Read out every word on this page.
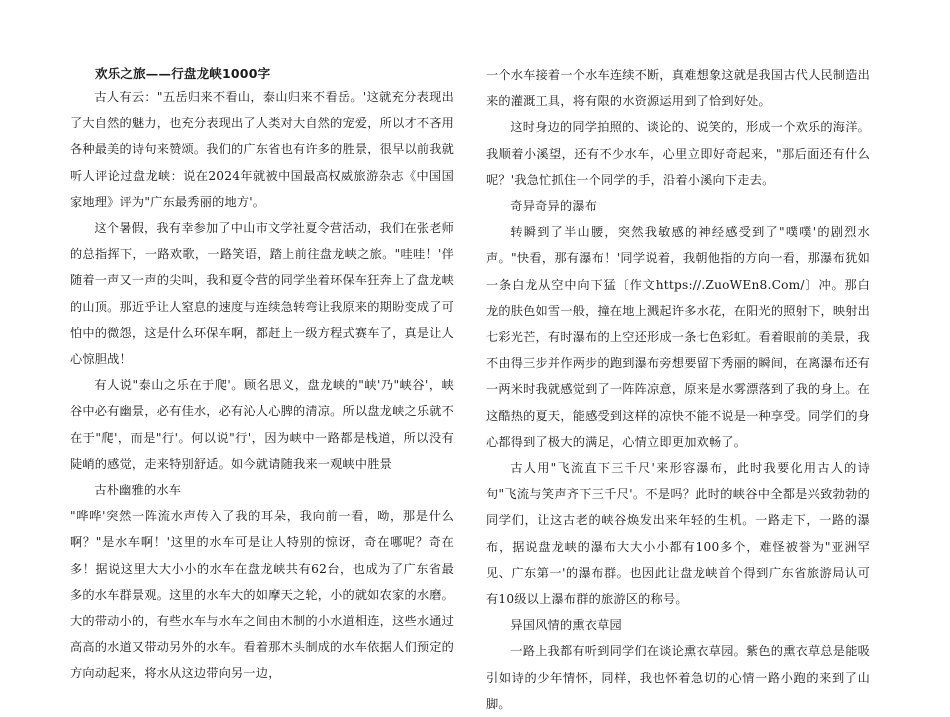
欢乐之旅——行盘龙峡1000字

古人有云："五岳归来不看山，泰山归来不看岳。'这就充分表现出了大自然的魅力，也充分表现出了人类对大自然的宠爱，所以才不吝用各种最美的诗句来赞颂。我们的广东省也有许多的胜景，很早以前我就听人评论过盘龙峡：说在2024年就被中国最高权威旅游杂志《中国国家地理》评为"广东最秀丽的地方'。

这个暑假，我有幸参加了中山市文学社夏令营活动，我们在张老师的总指挥下，一路欢歌，一路笑语，踏上前往盘龙峡之旅。"哇哇！'伴随着一声又一声的尖叫，我和夏令营的同学坐着环保车狂奔上了盘龙峡的山顶。那近乎让人窒息的速度与连续急转弯让我原来的期盼变成了可怕中的微怨，这是什么环保车啊，都赶上一级方程式赛车了，真是让人心惊胆战！

有人说"泰山之乐在于爬'。顾名思义，盘龙峡的"峡'乃"峡谷'，峡谷中必有幽景，必有佳水，必有沁人心脾的清凉。所以盘龙峡之乐就不在于"爬'，而是"行'。何以说"行'，因为峡中一路都是栈道，所以没有陡峭的感觉，走来特别舒适。如今就请随我来一观峡中胜景

古朴幽雅的水车

"哗哗'突然一阵流水声传入了我的耳朵，我向前一看，呦，那是什么啊？"是水车啊！'这里的水车可是让人特别的惊讶，奇在哪呢？奇在多！据说这里大大小小的水车在盘龙峡共有62台，也成为了广东省最多的水车群景观。这里的水车大的如摩天之轮，小的就如农家的水磨。大的带动小的，有些水车与水车之间由木制的小水道相连，这些水通过高高的水道又带动另外的水车。看着那木头制成的水车依据人们预定的方向动起来，将水从这边带向另一边，

一个水车接着一个水车连续不断，真难想象这就是我国古代人民制造出来的灌溉工具，将有限的水资源运用到了恰到好处。

这时身边的同学拍照的、谈论的、说笑的，形成一个欢乐的海洋。我顺着小溪望，还有不少水车，心里立即好奇起来，"那后面还有什么呢？'我急忙抓住一个同学的手，沿着小溪向下走去。

奇异奇异的瀑布

转瞬到了半山腰，突然我敏感的神经感受到了"噗噗'的剧烈水声。"快看，那有瀑布！'同学说着，我朝他指的方向一看，那瀑布犹如一条白龙从空中向下猛〔作文https://.ZuoWEn8.Com/〕冲。那白龙的肤色如雪一般，撞在地上溅起许多水花，在阳光的照射下，映射出七彩光芒，有时瀑布的上空还形成一条七色彩虹。看着眼前的美景，我不由得三步并作两步的跑到瀑布旁想要留下秀丽的瞬间，在离瀑布还有一两米时我就感觉到了一阵阵凉意，原来是水雾漂落到了我的身上。在这酷热的夏天，能感受到这样的凉快不能不说是一种享受。同学们的身心都得到了极大的满足，心情立即更加欢畅了。

古人用"飞流直下三千尺'来形容瀑布，此时我要化用古人的诗句"飞流与笑声齐下三千尺'。不是吗？此时的峡谷中全都是兴致勃勃的同学们，让这古老的峡谷焕发出来年轻的生机。一路走下，一路的瀑布，据说盘龙峡的瀑布大大小小都有100多个，难怪被誉为"亚洲罕见、广东第一'的瀑布群。也因此让盘龙峡首个得到广东省旅游局认可有10级以上瀑布群的旅游区的称号。

异国风情的熏衣草园

一路上我都有听到同学们在谈论熏衣草园。紫色的熏衣草总是能吸引如诗的少年情怀，同样，我也怀着急切的心情一路小跑的来到了山脚。
